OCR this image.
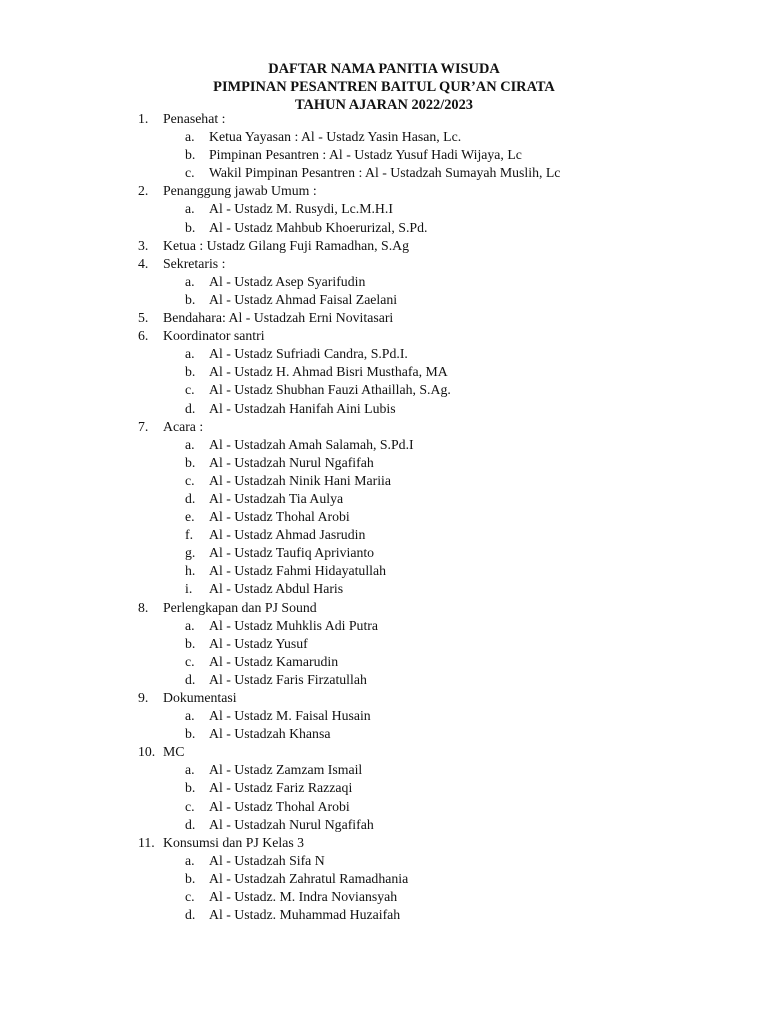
DAFTAR NAMA PANITIA WISUDA
PIMPINAN PESANTREN BAITUL QUR’AN CIRATA
TAHUN AJARAN 2022/2023
1. Penasehat :
a. Ketua Yayasan : Al - Ustadz Yasin Hasan, Lc.
b. Pimpinan Pesantren : Al - Ustadz Yusuf Hadi Wijaya, Lc
c. Wakil Pimpinan Pesantren : Al - Ustadzah Sumayah Muslih, Lc
2. Penanggung jawab Umum :
a. Al - Ustadz M. Rusydi, Lc.M.H.I
b. Al - Ustadz Mahbub Khoerurizal, S.Pd.
3. Ketua : Ustadz Gilang Fuji Ramadhan, S.Ag
4. Sekretaris :
a. Al - Ustadz Asep Syarifudin
b. Al - Ustadz Ahmad Faisal Zaelani
5. Bendahara: Al - Ustadzah Erni Novitasari
6. Koordinator santri
a. Al - Ustadz Sufriadi Candra, S.Pd.I.
b. Al - Ustadz H. Ahmad Bisri Musthafa, MA
c. Al - Ustadz Shubhan Fauzi Athaillah, S.Ag.
d. Al - Ustadzah Hanifah Aini Lubis
7. Acara :
a. Al - Ustadzah Amah Salamah, S.Pd.I
b. Al - Ustadzah Nurul Ngafifah
c. Al - Ustadzah Ninik Hani Mariia
d. Al - Ustadzah Tia Aulya
e. Al - Ustadz Thohal Arobi
f. Al - Ustadz Ahmad Jasrudin
g. Al - Ustadz Taufiq Aprivianto
h. Al - Ustadz Fahmi Hidayatullah
i. Al - Ustadz Abdul Haris
8. Perlengkapan dan PJ Sound
a. Al - Ustadz Muhklis Adi Putra
b. Al - Ustadz Yusuf
c. Al - Ustadz Kamarudin
d. Al - Ustadz Faris Firzatullah
9. Dokumentasi
a. Al - Ustadz M. Faisal Husain
b. Al - Ustadzah Khansa
10. MC
a. Al - Ustadz Zamzam Ismail
b. Al - Ustadz Fariz Razzaqi
c. Al - Ustadz Thohal Arobi
d. Al - Ustadzah Nurul Ngafifah
11. Konsumsi dan PJ Kelas 3
a. Al - Ustadzah Sifa N
b. Al - Ustadzah Zahratul Ramadhania
c. Al - Ustadz. M. Indra Noviansyah
d. Al - Ustadz. Muhammad Huzaifah
